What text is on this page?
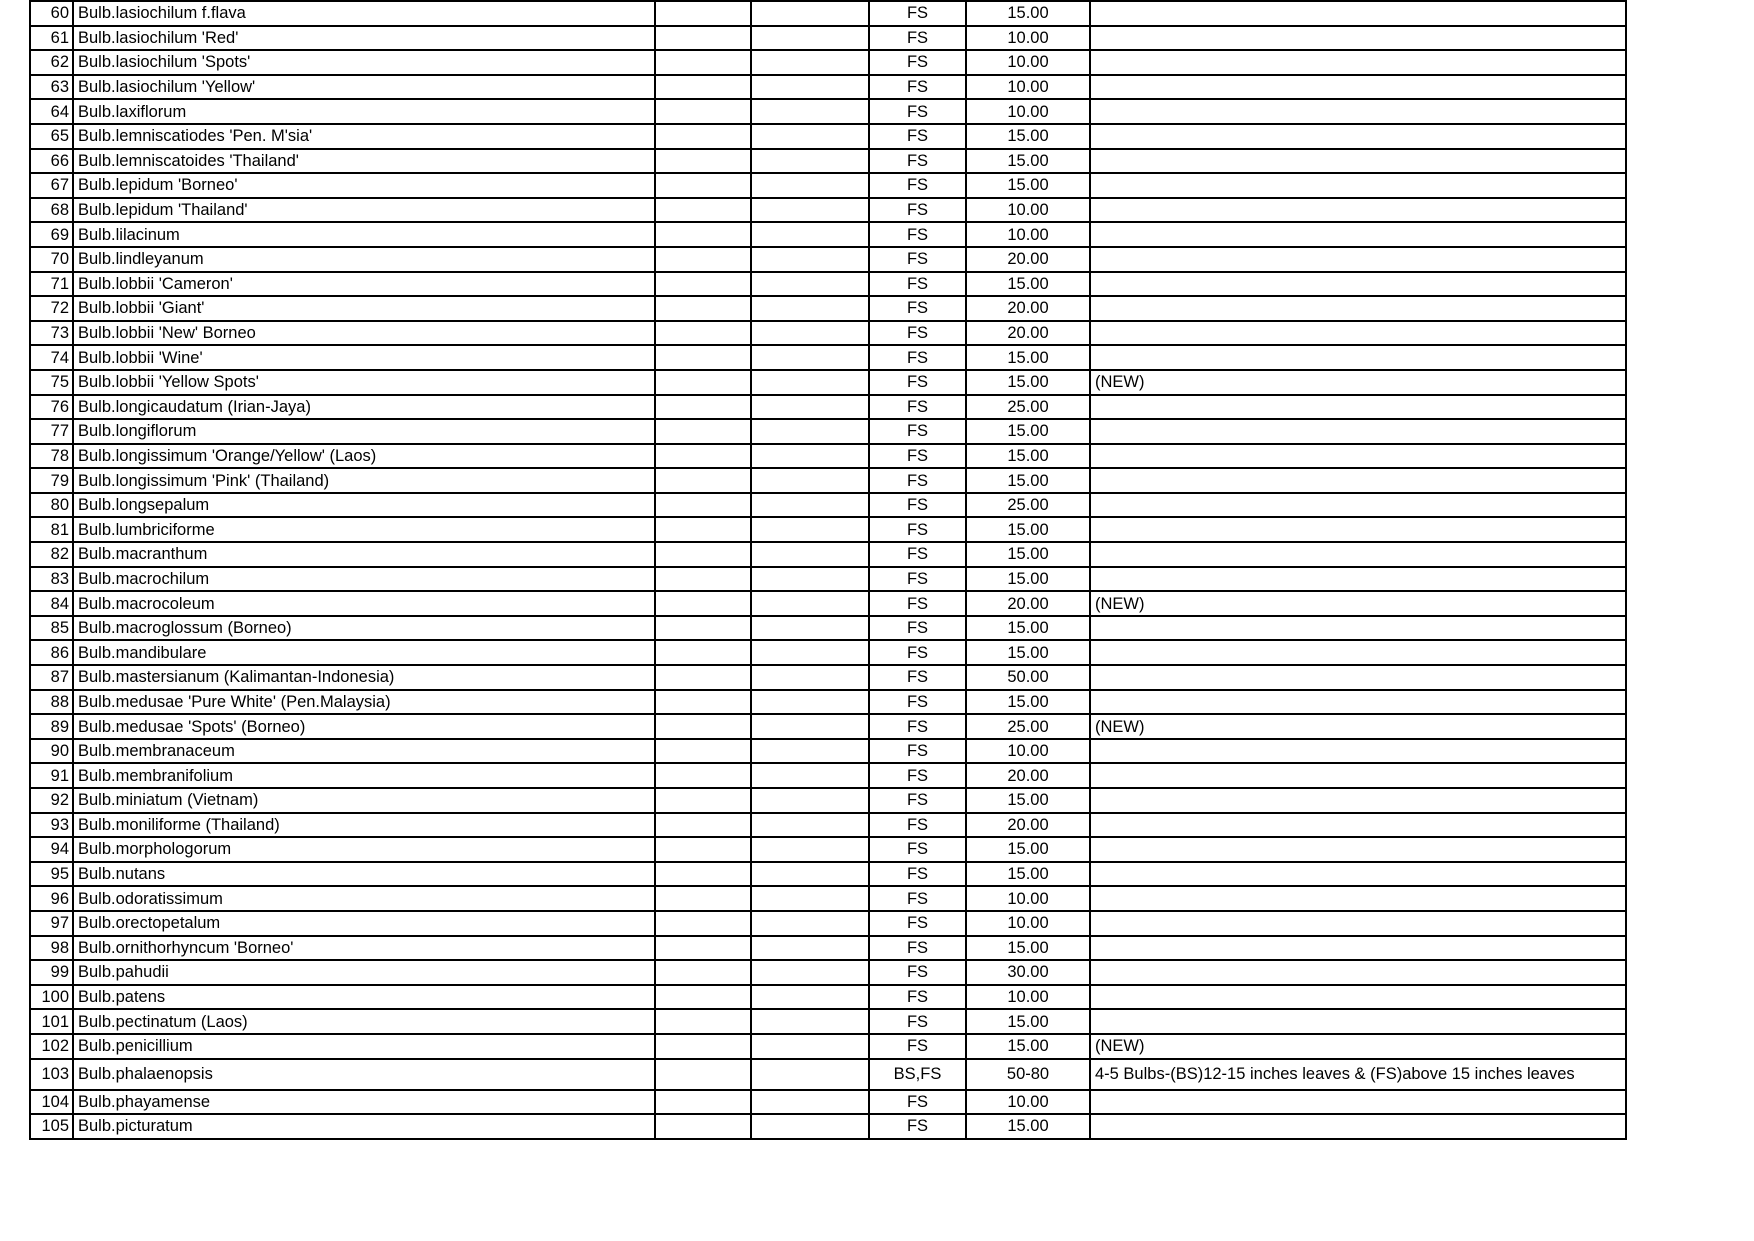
60	Bulb.lasiochilum f.flava			FS	15.00	
61	Bulb.lasiochilum 'Red'			FS	10.00	
62	Bulb.lasiochilum 'Spots'			FS	10.00	
63	Bulb.lasiochilum 'Yellow'			FS	10.00	
64	Bulb.laxiflorum			FS	10.00	
65	Bulb.lemniscatiodes 'Pen. M'sia'			FS	15.00	
66	Bulb.lemniscatoides 'Thailand'			FS	15.00	
67	Bulb.lepidum 'Borneo'			FS	15.00	
68	Bulb.lepidum 'Thailand'			FS	10.00	
69	Bulb.lilacinum			FS	10.00	
70	Bulb.lindleyanum			FS	20.00	
71	Bulb.lobbii 'Cameron'			FS	15.00	
72	Bulb.lobbii 'Giant'			FS	20.00	
73	Bulb.lobbii 'New' Borneo			FS	20.00	
74	Bulb.lobbii 'Wine'			FS	15.00	
75	Bulb.lobbii 'Yellow Spots'			FS	15.00	(NEW)
76	Bulb.longicaudatum (Irian-Jaya)			FS	25.00	
77	Bulb.longiflorum			FS	15.00	
78	Bulb.longissimum 'Orange/Yellow' (Laos)			FS	15.00	
79	Bulb.longissimum 'Pink' (Thailand)			FS	15.00	
80	Bulb.longsepalum			FS	25.00	
81	Bulb.lumbriciforme			FS	15.00	
82	Bulb.macranthum			FS	15.00	
83	Bulb.macrochilum			FS	15.00	
84	Bulb.macrocoleum			FS	20.00	(NEW)
85	Bulb.macroglossum (Borneo)			FS	15.00	
86	Bulb.mandibulare			FS	15.00	
87	Bulb.mastersianum (Kalimantan-Indonesia)			FS	50.00	
88	Bulb.medusae 'Pure White' (Pen.Malaysia)			FS	15.00	
89	Bulb.medusae 'Spots' (Borneo)			FS	25.00	(NEW)
90	Bulb.membranaceum			FS	10.00	
91	Bulb.membranifolium			FS	20.00	
92	Bulb.miniatum (Vietnam)			FS	15.00	
93	Bulb.moniliforme (Thailand)			FS	20.00	
94	Bulb.morphologorum			FS	15.00	
95	Bulb.nutans			FS	15.00	
96	Bulb.odoratissimum			FS	10.00	
97	Bulb.orectopetalum			FS	10.00	
98	Bulb.ornithorhyncum 'Borneo'			FS	15.00	
99	Bulb.pahudii			FS	30.00	
100	Bulb.patens			FS	10.00	
101	Bulb.pectinatum (Laos)			FS	15.00	
102	Bulb.penicillium			FS	15.00	(NEW)
103	Bulb.phalaenopsis			BS,FS	50-80	4-5 Bulbs-(BS)12-15 inches leaves & (FS)above 15 inches leaves
104	Bulb.phayamense			FS	10.00	
105	Bulb.picturatum			FS	15.00	
